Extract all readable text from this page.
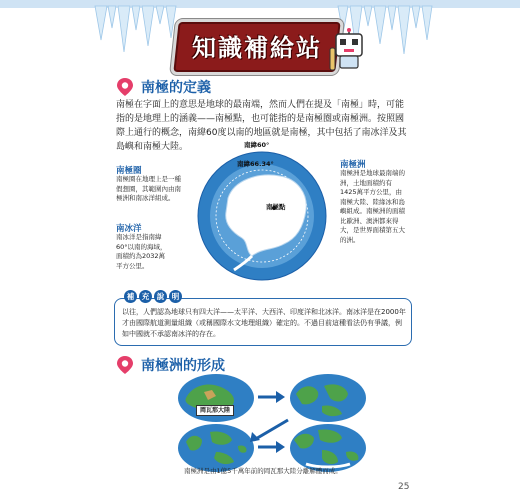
知識補給站
南極的定義
南極在字面上的意思是地球的最南端，然而人們在提及「南極」時，可能指的是地理上的涵義——南極點，也可能指的是南極圈或南極洲。按照國際上通行的概念，南緯60度以南的地區就是南極，其中包括了南冰洋及其島嶼和南極大陸。	南緯60°
南緯66.34°
南極點
南極圈
南極圈在地理上是一種假想圈，其範圍內由南極洲和南冰洋組成。
南冰洋
南冰洋是指南緯60°以南的海域，面積約為2032萬平方公里。
南極洲
南極洲是地球最南端的洲，土地面積約有1425萬平方公里，由南極大陸、陸緣冰和島嶼組成。南極洲的面積比歐洲、澳洲都來得大，是世界面積第五大的洲。
補	充	說	明
以往，人們認為地球只有四大洋——太平洋、大西洋、印度洋和北冰洋。南冰洋是在2000年才由國際航道測量組織（或稱國際水文地理組織）確定的。不過目前這種看法仍有爭議，例如中國就不承認南冰洋的存在。
南極洲的形成
岡瓦那大陸
南極洲是由1億5千萬年前的岡瓦那大陸分離解體而成。
25
